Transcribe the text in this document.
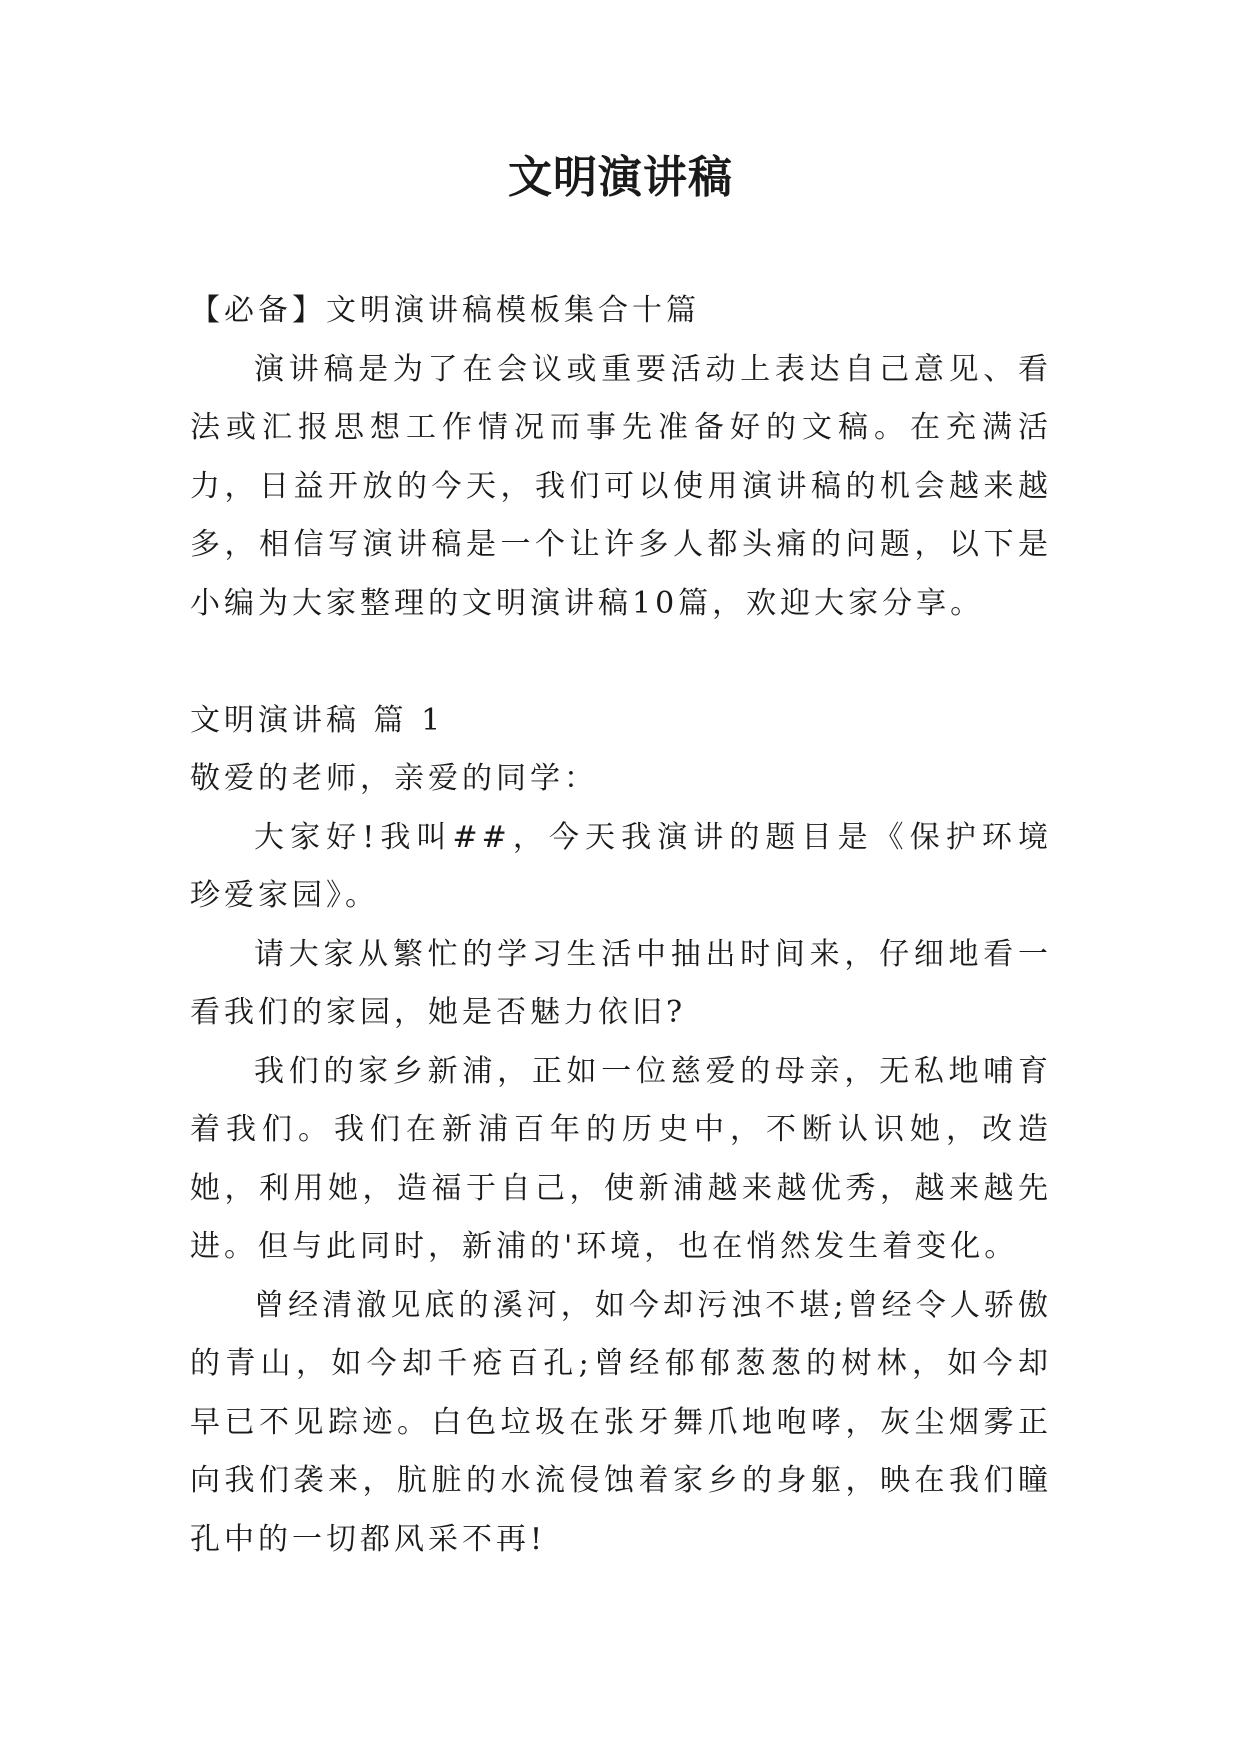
文明演讲稿

【必备】文明演讲稿模板集合十篇

演讲稿是为了在会议或重要活动上表达自己意见、看法或汇报思想工作情况而事先准备好的文稿。在充满活力，日益开放的今天，我们可以使用演讲稿的机会越来越多，相信写演讲稿是一个让许多人都头痛的问题，以下是小编为大家整理的文明演讲稿10篇，欢迎大家分享。

文明演讲稿 篇 1

敬爱的老师，亲爱的同学：

大家好!我叫##，今天我演讲的题目是《保护环境 珍爱家园》。

请大家从繁忙的学习生活中抽出时间来，仔细地看一看我们的家园，她是否魅力依旧?

我们的家乡新浦，正如一位慈爱的母亲，无私地哺育着我们。我们在新浦百年的历史中，不断认识她，改造她，利用她，造福于自己，使新浦越来越优秀，越来越先进。但与此同时，新浦的'环境，也在悄然发生着变化。

曾经清澈见底的溪河，如今却污浊不堪;曾经令人骄傲的青山，如今却千疮百孔;曾经郁郁葱葱的树林，如今却早已不见踪迹。白色垃圾在张牙舞爪地咆哮，灰尘烟雾正向我们袭来，肮脏的水流侵蚀着家乡的身躯，映在我们瞳孔中的一切都风采不再!
